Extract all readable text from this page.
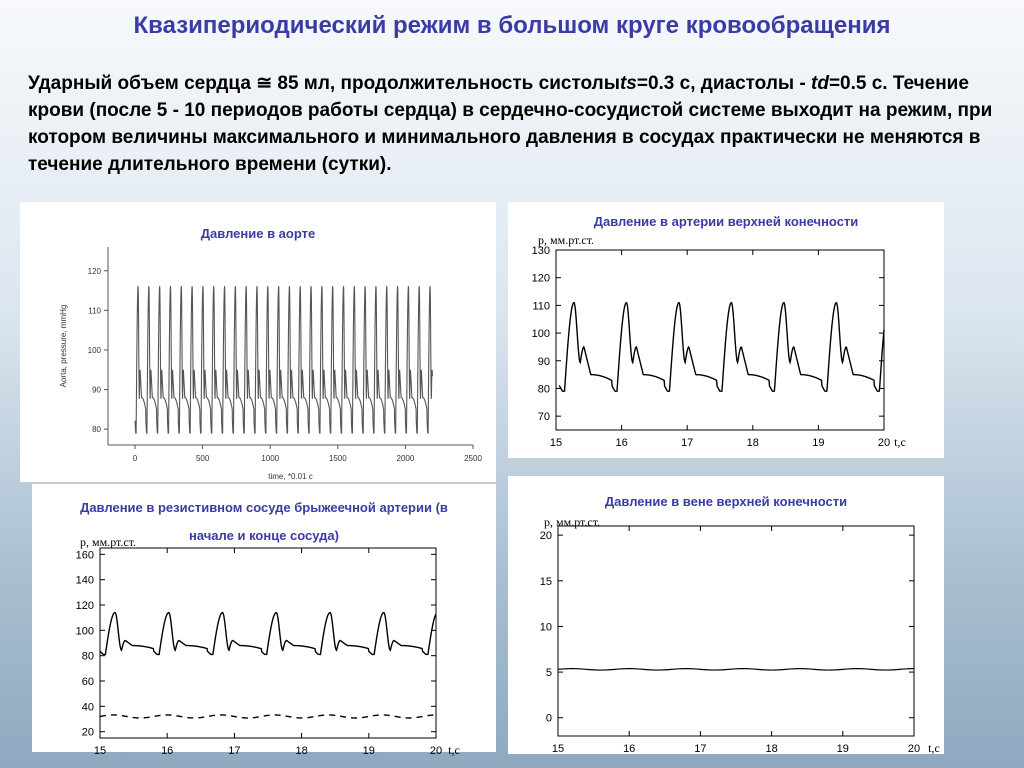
Квазипериодический режим в большом круге кровообращения

Ударный объем сердца ≅ 85 мл, продолжительность систолыts=0.3 с, диастолы - td=0.5 с. Течение крови (после 5 - 10 периодов работы сердца) в сердечно-сосудистой системе выходит на режим, при котором величины максимального и минимального давления в сосудах практически не меняются в течение длительного времени (сутки).

Давление в аорте
0	500	1000	1500	2000	2500
80
90
100
110
120
Aorta, pressure, mmHg
time, *0.01 c
Давление в артерии верхней конечности
15	16	17	18	19	20
70
80
90
100
110
120
130
р, мм.рт.ст.
t,c
Давление в резистивном сосуде брыжеечной артерии (в начале и конце сосуда)
15	16	17	18	19	20
20
40
60
80
100
120
140
160
р, мм.рт.ст.
t,c
Давление в вене верхней конечности
15	16	17	18	19	20
0
5
10
15
20
р, мм.рт.ст.
t,c
